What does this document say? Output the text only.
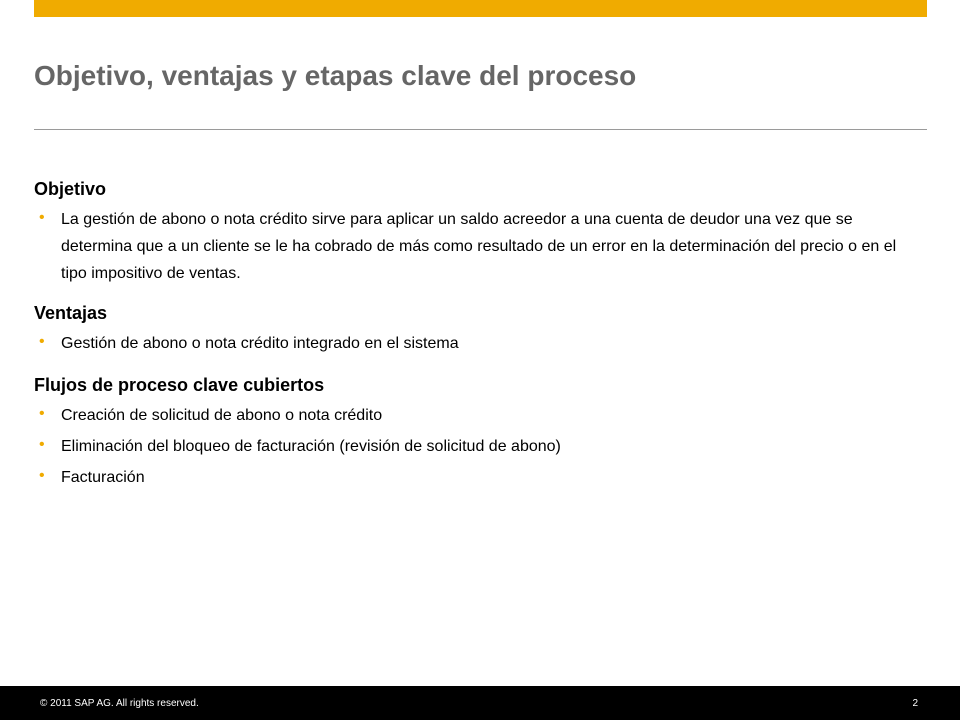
Objetivo, ventajas y etapas clave del proceso
Objetivo
• La gestión de abono o nota crédito sirve para aplicar un saldo acreedor a una cuenta de deudor una vez que se determina que a un cliente se le ha cobrado de más como resultado de un error en la determinación del precio o en el tipo impositivo de ventas.
Ventajas
• Gestión de abono o nota crédito integrado en el sistema
Flujos de proceso clave cubiertos
• Creación de solicitud de abono o nota crédito
• Eliminación del bloqueo de facturación (revisión de solicitud de abono)
• Facturación
© 2011 SAP AG. All rights reserved.	2
